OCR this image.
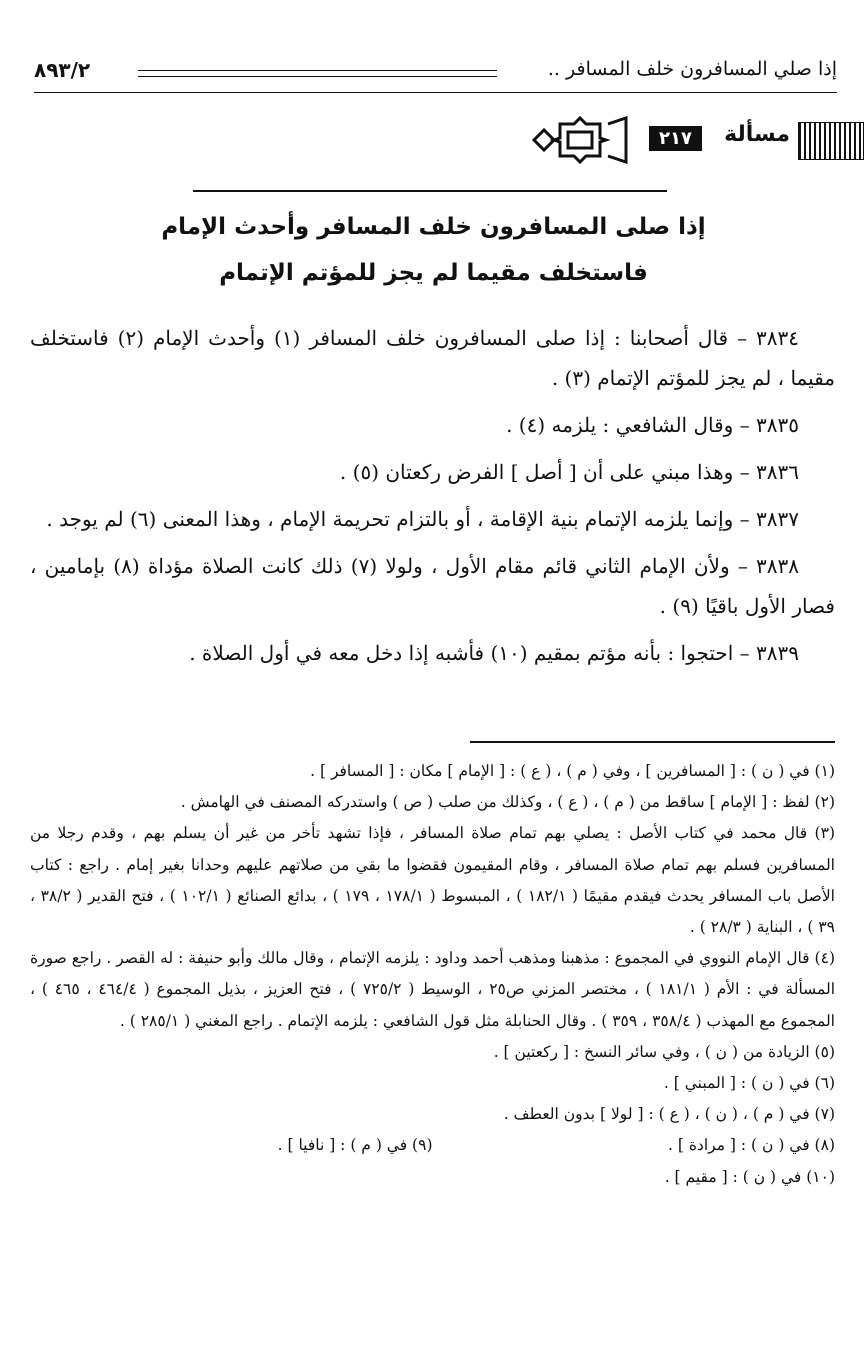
إذا صلي المسافرون خلف المسافر ..
٨٩٣/٢
مسألة
٢١٧
إذا صلى المسافرون خلف المسافر وأحدث الإمام
فاستخلف مقيما لم يجز للمؤتم الإتمام

٣٨٣٤ – قال أصحابنا : إذا صلى المسافرون خلف المسافر (١) وأحدث الإمام (٢) فاستخلف مقيما ، لم يجز للمؤتم الإتمام (٣) .

٣٨٣٥ – وقال الشافعي : يلزمه (٤) .

٣٨٣٦ – وهذا مبني على أن [ أصل ] الفرض ركعتان (٥) .

٣٨٣٧ – وإنما يلزمه الإتمام بنية الإقامة ، أو بالتزام تحريمة الإمام ، وهذا المعنى (٦) لم يوجد .

٣٨٣٨ – ولأن الإمام الثاني قائم مقام الأول ، ولولا (٧) ذلك كانت الصلاة مؤداة (٨) بإمامين ، فصار الأول باقيًا (٩) .

٣٨٣٩ – احتجوا : بأنه مؤتم بمقيم (١٠) فأشبه إذا دخل معه في أول الصلاة .

(١) في ( ن ) : [ المسافرين ] ، وفي ( م ) ، ( ع ) : [ الإمام ] مكان : [ المسافر ] .

(٢) لفظ : [ الإمام ] ساقط من ( م ) ، ( ع ) ، وكذلك من صلب ( ص ) واستدركه المصنف في الهامش .

(٣) قال محمد في كتاب الأصل : يصلي بهم تمام صلاة المسافر ، فإذا تشهد تأخر من غير أن يسلم بهم ، وقدم رجلا من المسافرين فسلم بهم تمام صلاة المسافر ، وقام المقيمون فقضوا ما بقي من صلاتهم عليهم وحدانا بغير إمام . راجع : كتاب الأصل باب المسافر يحدث فيقدم مقيمًا ( ١٨٢/١ ) ، المبسوط ( ١٧٨/١ ، ١٧٩ ) ، بدائع الصنائع ( ١٠٢/١ ) ، فتح القدير ( ٣٨/٢ ، ٣٩ ) ، البناية ( ٢٨/٣ ) .

(٤) قال الإمام النووي في المجموع : مذهبنا ومذهب أحمد وداود : يلزمه الإتمام ، وقال مالك وأبو حنيفة : له القصر . راجع صورة المسألة في : الأم ( ١٨١/١ ) ، مختصر المزني ص٢٥ ، الوسيط ( ٧٢٥/٢ ) ، فتح العزيز ، بذيل المجموع ( ٤٦٤/٤ ، ٤٦٥ ) ، المجموع مع المهذب ( ٣٥٨/٤ ، ٣٥٩ ) . وقال الحنابلة مثل قول الشافعي : يلزمه الإتمام . راجع المغني ( ٢٨٥/١ ) .

(٥) الزيادة من ( ن ) ، وفي سائر النسخ : [ ركعتين ] .

(٦) في ( ن ) : [ المبني ] .

(٧) في ( م ) ، ( ن ) ، ( ع ) : [ لولا ] بدون العطف .

(٨) في ( ن ) : [ مرادة ] .

(٩) في ( م ) : [ نافيا ] .

(١٠) في ( ن ) : [ مقيم ] .
